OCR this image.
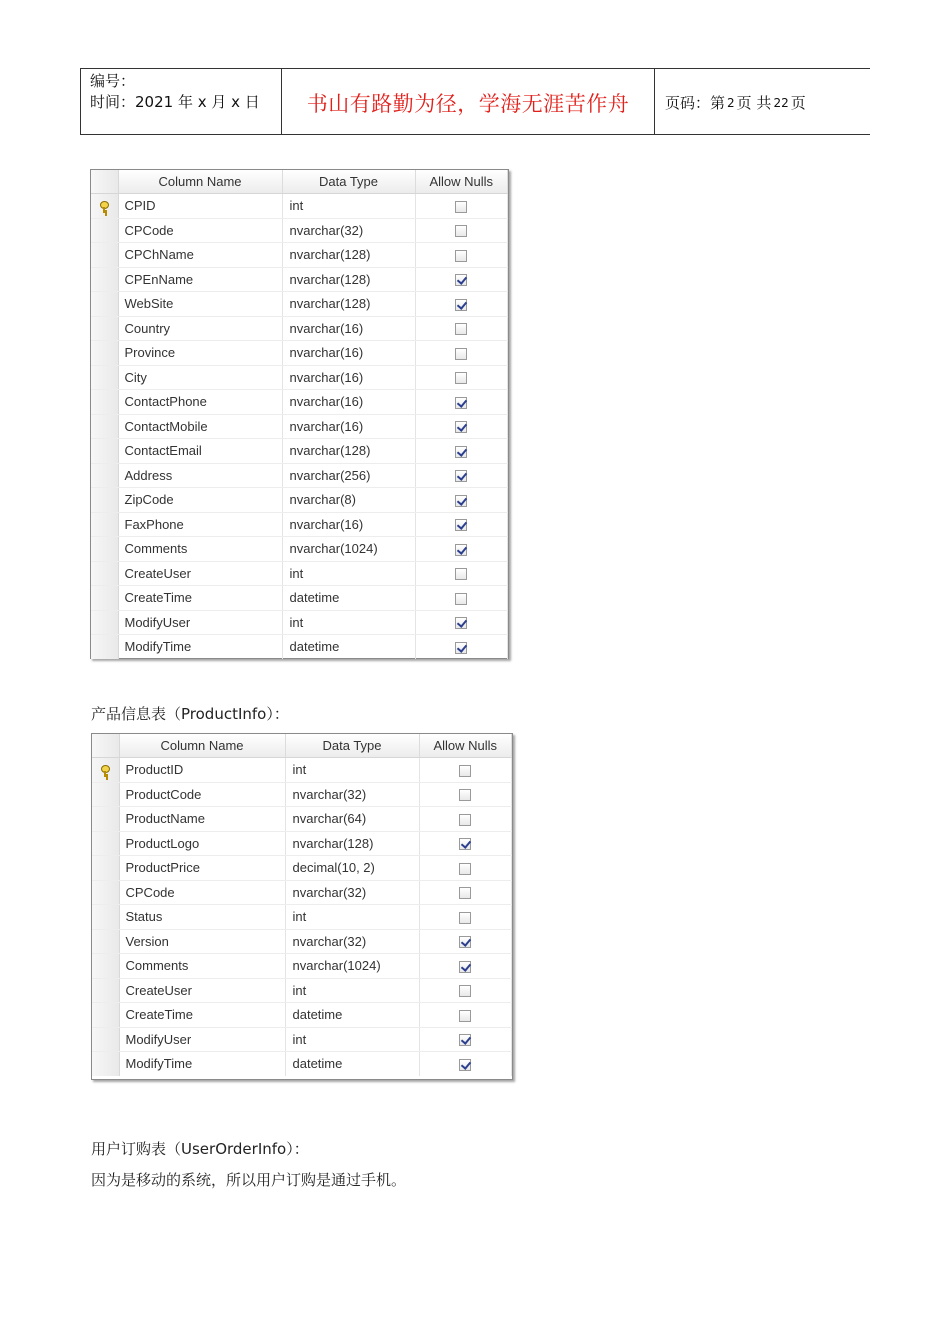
编号：
时间：2021 年 x 月 x 日	书山有路勤为径，学海无涯苦作舟	页码：第 2 页 共 22 页
	Column Name	Data Type	Allow Nulls
	CPID	int	
	CPCode	nvarchar(32)	
	CPChName	nvarchar(128)	
	CPEnName	nvarchar(128)	
	WebSite	nvarchar(128)	
	Country	nvarchar(16)	
	Province	nvarchar(16)	
	City	nvarchar(16)	
	ContactPhone	nvarchar(16)	
	ContactMobile	nvarchar(16)	
	ContactEmail	nvarchar(128)	
	Address	nvarchar(256)	
	ZipCode	nvarchar(8)	
	FaxPhone	nvarchar(16)	
	Comments	nvarchar(1024)	
	CreateUser	int	
	CreateTime	datetime	
	ModifyUser	int	
	ModifyTime	datetime	
产品信息表（ProductInfo）：
	Column Name	Data Type	Allow Nulls
	ProductID	int	
	ProductCode	nvarchar(32)	
	ProductName	nvarchar(64)	
	ProductLogo	nvarchar(128)	
	ProductPrice	decimal(10, 2)	
	CPCode	nvarchar(32)	
	Status	int	
	Version	nvarchar(32)	
	Comments	nvarchar(1024)	
	CreateUser	int	
	CreateTime	datetime	
	ModifyUser	int	
	ModifyTime	datetime	
用户订购表（UserOrderInfo）：
因为是移动的系统，所以用户订购是通过手机。
